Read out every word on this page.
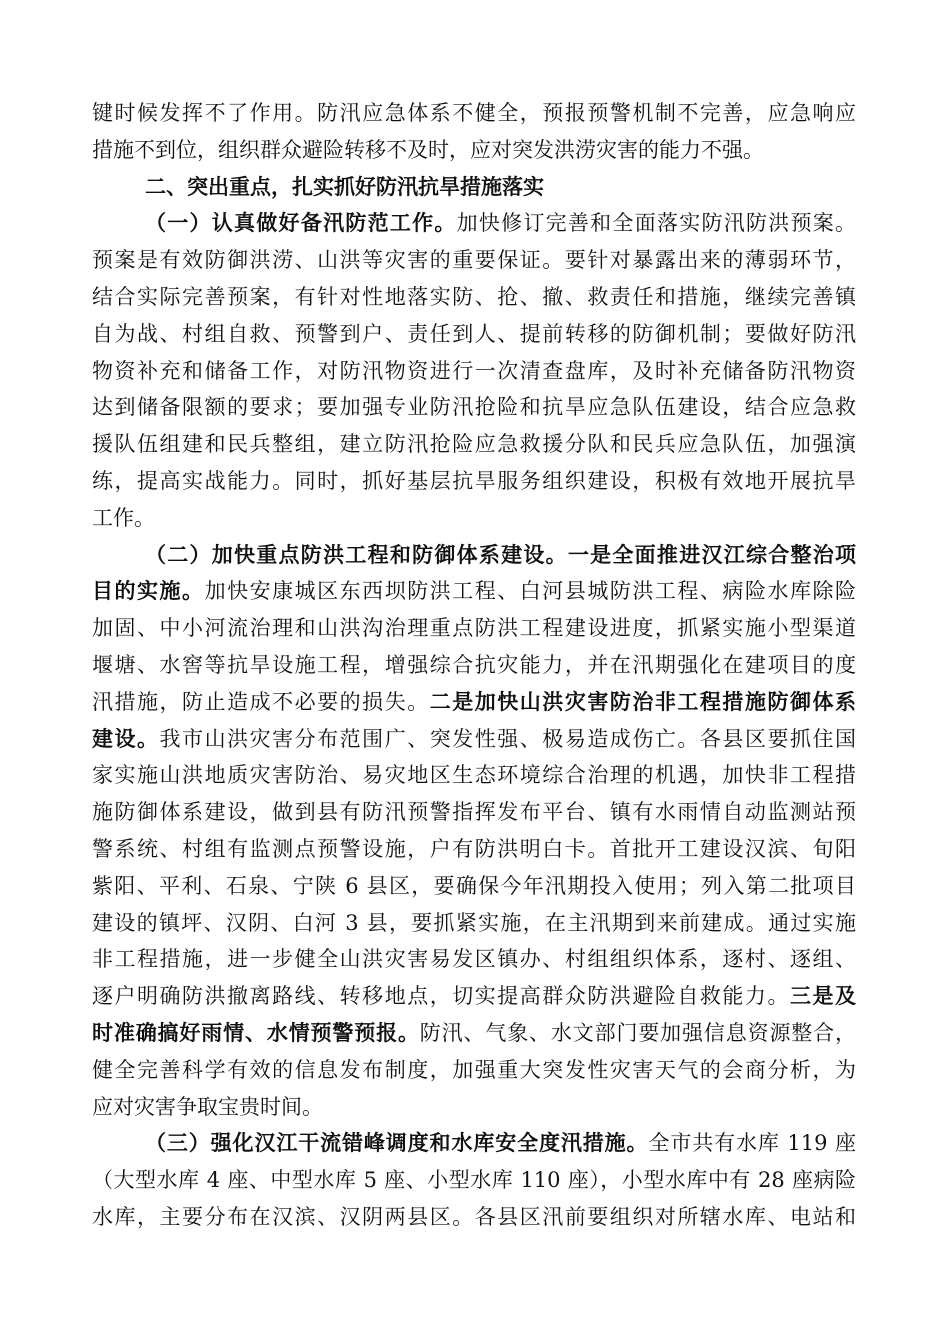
键时候发挥不了作用。防汛应急体系不健全，预报预警机制不完善，应急响应
措施不到位，组织群众避险转移不及时，应对突发洪涝灾害的能力不强。
二、突出重点，扎实抓好防汛抗旱措施落实
（一）认真做好备汛防范工作。加快修订完善和全面落实防汛防洪预案。
预案是有效防御洪涝、山洪等灾害的重要保证。要针对暴露出来的薄弱环节，
结合实际完善预案，有针对性地落实防、抢、撤、救责任和措施，继续完善镇
自为战、村组自救、预警到户、责任到人、提前转移的防御机制；要做好防汛
物资补充和储备工作，对防汛物资进行一次清查盘库，及时补充储备防汛物资
达到储备限额的要求；要加强专业防汛抢险和抗旱应急队伍建设，结合应急救
援队伍组建和民兵整组，建立防汛抢险应急救援分队和民兵应急队伍，加强演
练，提高实战能力。同时，抓好基层抗旱服务组织建设，积极有效地开展抗旱
工作。
（二）加快重点防洪工程和防御体系建设。一是全面推进汉江综合整治项
目的实施。加快安康城区东西坝防洪工程、白河县城防洪工程、病险水库除险
加固、中小河流治理和山洪沟治理重点防洪工程建设进度，抓紧实施小型渠道
堰塘、水窖等抗旱设施工程，增强综合抗灾能力，并在汛期强化在建项目的度
汛措施，防止造成不必要的损失。二是加快山洪灾害防治非工程措施防御体系
建设。我市山洪灾害分布范围广、突发性强、极易造成伤亡。各县区要抓住国
家实施山洪地质灾害防治、易灾地区生态环境综合治理的机遇，加快非工程措
施防御体系建设，做到县有防汛预警指挥发布平台、镇有水雨情自动监测站预
警系统、村组有监测点预警设施，户有防洪明白卡。首批开工建设汉滨、旬阳
紫阳、平利、石泉、宁陕 6 县区，要确保今年汛期投入使用；列入第二批项目
建设的镇坪、汉阴、白河 3 县，要抓紧实施，在主汛期到来前建成。通过实施
非工程措施，进一步健全山洪灾害易发区镇办、村组组织体系，逐村、逐组、
逐户明确防洪撤离路线、转移地点，切实提高群众防洪避险自救能力。三是及
时准确搞好雨情、水情预警预报。防汛、气象、水文部门要加强信息资源整合，
健全完善科学有效的信息发布制度，加强重大突发性灾害天气的会商分析，为
应对灾害争取宝贵时间。
（三）强化汉江干流错峰调度和水库安全度汛措施。全市共有水库 119 座
（大型水库 4 座、中型水库 5 座、小型水库 110 座），小型水库中有 28 座病险
水库，主要分布在汉滨、汉阴两县区。各县区汛前要组织对所辖水库、电站和
